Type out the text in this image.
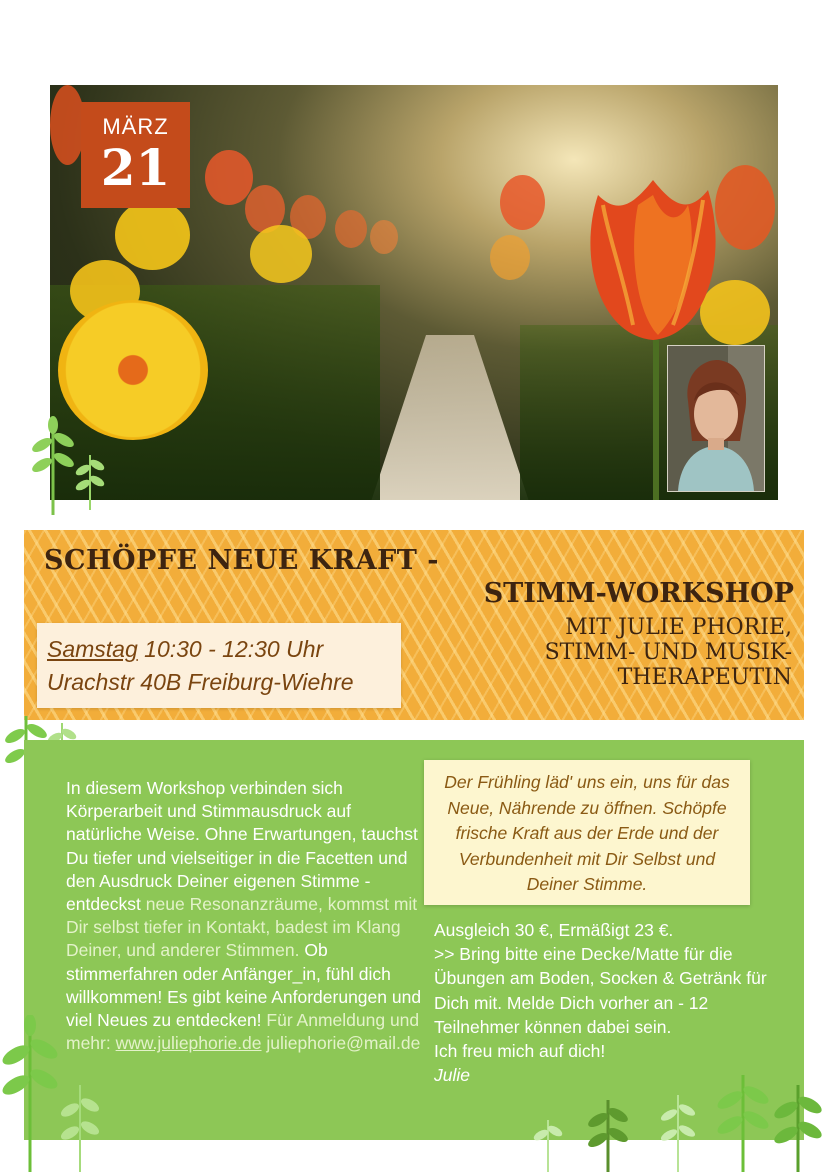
MÄRZ
21
SCHÖPFE NEUE KRAFT -
STIMM-WORKSHOP
MIT JULIE PHORIE,
STIMM- UND MUSIK-
THERAPEUTIN
Samstag 10:30 - 12:30 Uhr
Urachstr 40B Freiburg-Wiehre
In diesem Workshop verbinden sich Körperarbeit und Stimmausdruck auf natürliche Weise. Ohne Erwartungen, tauchst Du tiefer und vielseitiger in die Facetten und den Ausdruck Deiner eigenen Stimme - entdeckst neue Resonanzräume, kommst mit Dir selbst tiefer in Kontakt, badest im Klang Deiner, und anderer Stimmen. Ob stimmerfahren oder Anfänger_in, fühl dich willkommen! Es gibt keine Anforderungen und viel Neues zu entdecken! Für Anmeldung und mehr: www.juliephorie.de juliephorie@mail.de
Der Frühling läd' uns ein, uns für das Neue, Nährende zu öffnen. Schöpfe frische Kraft aus der Erde und der Verbundenheit mit Dir Selbst und Deiner Stimme.
Ausgleich 30 €, Ermäßigt 23 €.
>> Bring bitte eine Decke/Matte für die Übungen am Boden, Socken & Getränk für Dich mit. Melde Dich vorher an - 12 Teilnehmer können dabei sein.
Ich freu mich auf dich!
Julie
